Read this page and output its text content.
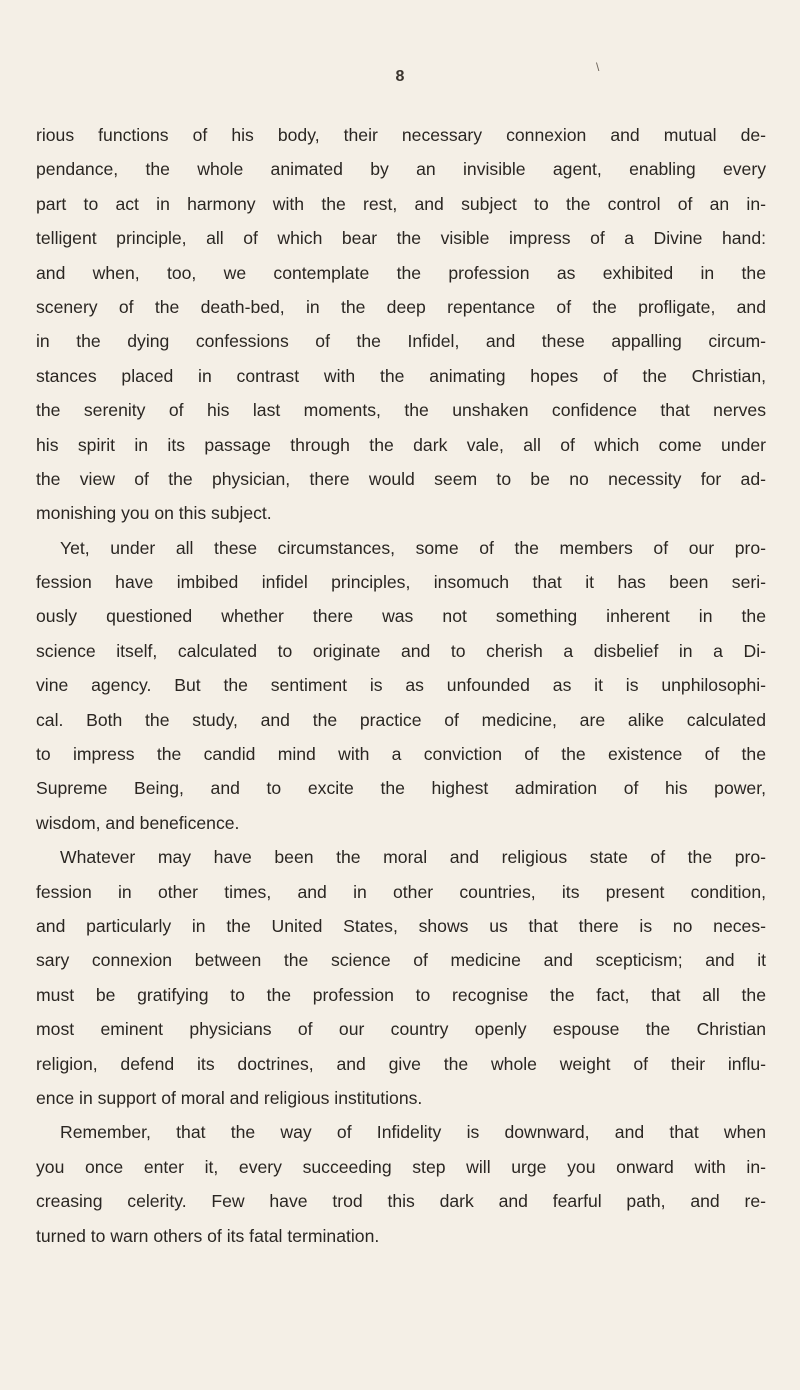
\
8
rious functions of his body, their necessary connexion and mutual de-
pendance, the whole animated by an invisible agent, enabling every
part to act in harmony with the rest, and subject to the control of an in-
telligent principle, all of which bear the visible impress of a Divine hand:
and when, too, we contemplate the profession as exhibited in the
scenery of the death-bed, in the deep repentance of the profligate, and
in the dying confessions of the Infidel, and these appalling circum-
stances placed in contrast with the animating hopes of the Christian,
the serenity of his last moments, the unshaken confidence that nerves
his spirit in its passage through the dark vale, all of which come under
the view of the physician, there would seem to be no necessity for ad-
monishing you on this subject.
Yet, under all these circumstances, some of the members of our pro-
fession have imbibed infidel principles, insomuch that it has been seri-
ously questioned whether there was not something inherent in the
science itself, calculated to originate and to cherish a disbelief in a Di-
vine agency. But the sentiment is as unfounded as it is unphilosophi-
cal. Both the study, and the practice of medicine, are alike calculated
to impress the candid mind with a conviction of the existence of the
Supreme Being, and to excite the highest admiration of his power,
wisdom, and beneficence.
Whatever may have been the moral and religious state of the pro-
fession in other times, and in other countries, its present condition,
and particularly in the United States, shows us that there is no neces-
sary connexion between the science of medicine and scepticism; and it
must be gratifying to the profession to recognise the fact, that all the
most eminent physicians of our country openly espouse the Christian
religion, defend its doctrines, and give the whole weight of their influ-
ence in support of moral and religious institutions.
Remember, that the way of Infidelity is downward, and that when
you once enter it, every succeeding step will urge you onward with in-
creasing celerity. Few have trod this dark and fearful path, and re-
turned to warn others of its fatal termination.
